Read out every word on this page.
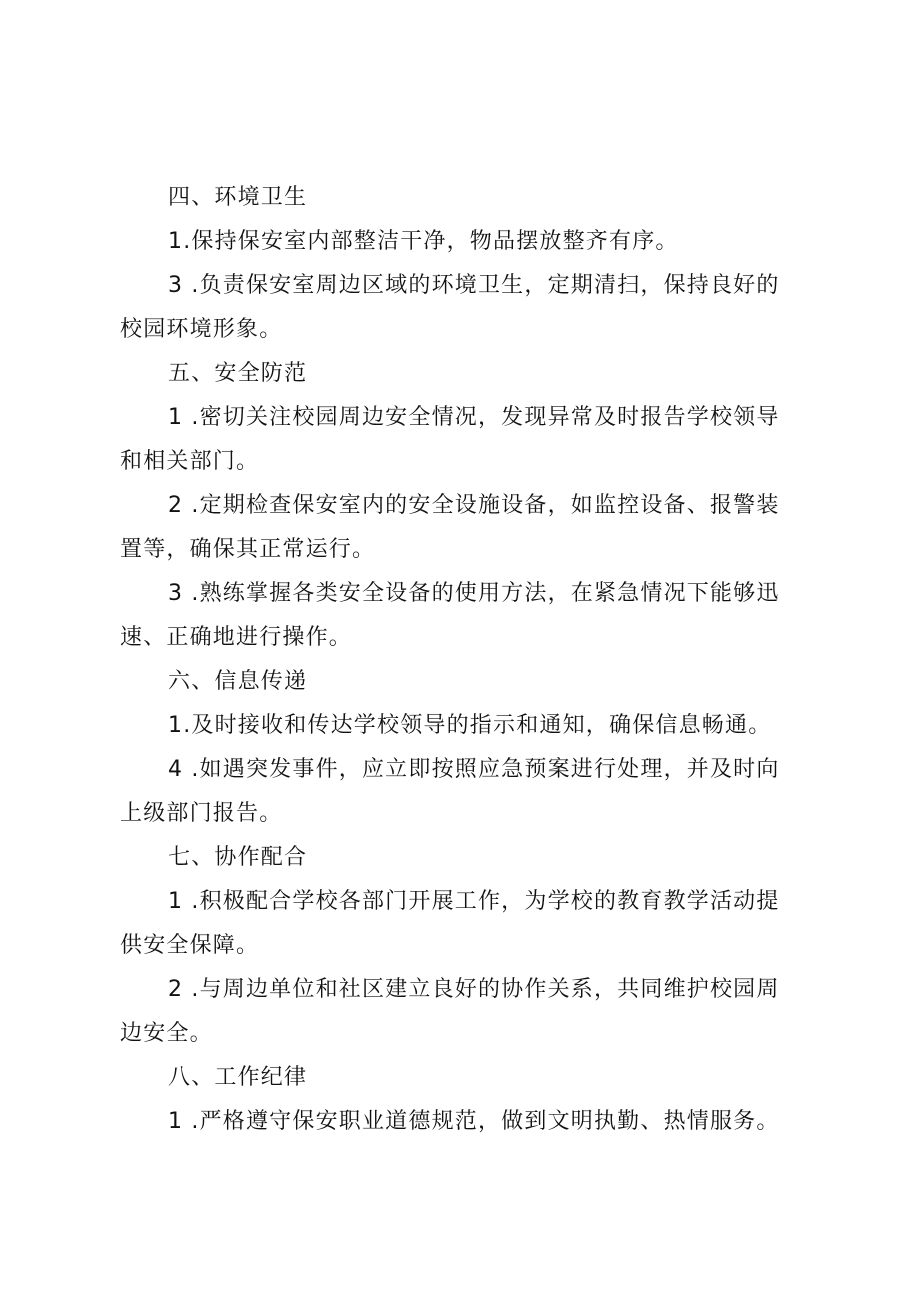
四、环境卫生
1.保持保安室内部整洁干净，物品摆放整齐有序。
3 .负责保安室周边区域的环境卫生，定期清扫，保持良好的
校园环境形象。
五、安全防范
1 .密切关注校园周边安全情况，发现异常及时报告学校领导
和相关部门。
2 .定期检查保安室内的安全设施设备，如监控设备、报警装
置等，确保其正常运行。
3 .熟练掌握各类安全设备的使用方法，在紧急情况下能够迅
速、正确地进行操作。
六、信息传递
1.及时接收和传达学校领导的指示和通知，确保信息畅通。
4 .如遇突发事件，应立即按照应急预案进行处理，并及时向
上级部门报告。
七、协作配合
1 .积极配合学校各部门开展工作，为学校的教育教学活动提
供安全保障。
2 .与周边单位和社区建立良好的协作关系，共同维护校园周
边安全。
八、工作纪律
1 .严格遵守保安职业道德规范，做到文明执勤、热情服务。
